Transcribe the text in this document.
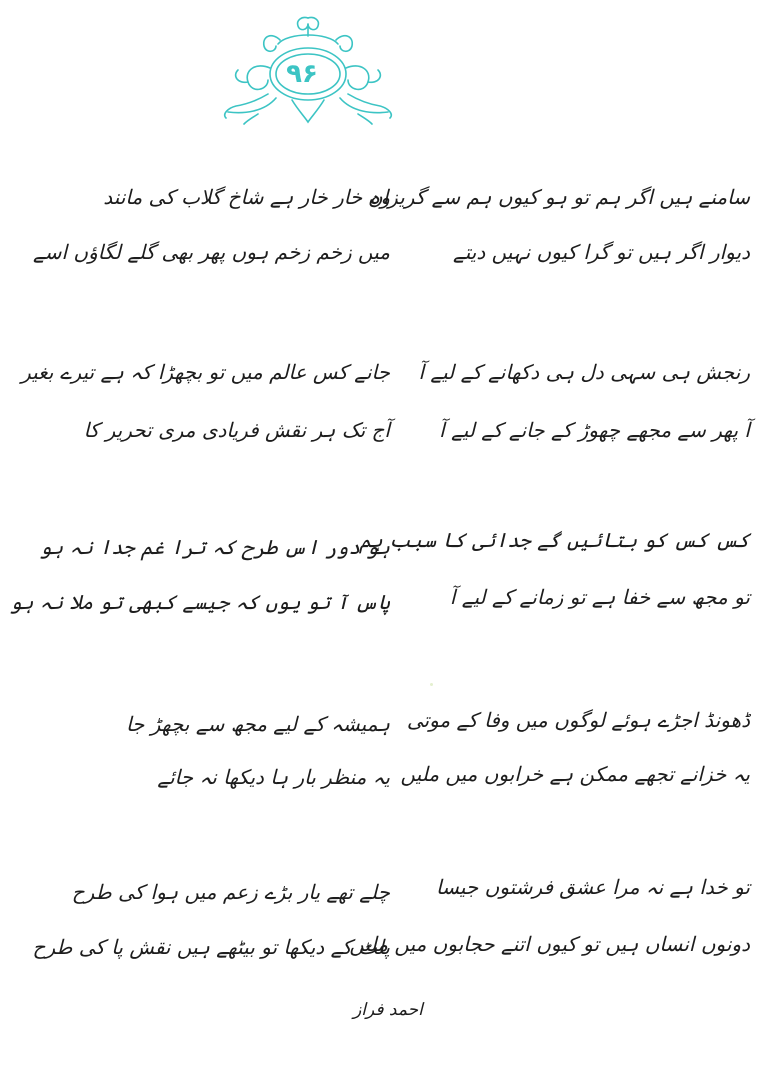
۹۶
سامنے ہیں اگر ہم تو ہو کیوں ہم سے گریزاں
دیوار اگر ہیں تو گرا کیوں نہیں دیتے
وہ خار خار ہے شاخ گلاب کی مانند
میں زخم زخم ہوں پھر بھی گلے لگاؤں اسے
رنجش ہی سہی دل ہی دکھانے کے لیے آ
آ پھر سے مجھے چھوڑ کے جانے کے لیے آ
جانے کس عالم میں تو بچھڑا کہ ہے تیرے بغیر
آج تک ہر نقش فریادی مری تحریر کا
کس کس کو بتائیں گے جدائی کا سبب ہم
تو مجھ سے خفا ہے تو زمانے کے لیے آ
ہو دور اس طرح کہ ترا غم جدا نہ ہو
پاس آ تو یوں کہ جیسے کبھی تو ملا نہ ہو
ڈھونڈ اجڑے ہوئے لوگوں میں وفا کے موتی
یہ خزانے تجھے ممکن ہے خرابوں میں ملیں
ہمیشہ کے لیے مجھ سے بچھڑ جا
یہ منظر بار ہا دیکھا نہ جائے
تو خدا ہے نہ مرا عشق فرشتوں جیسا
دونوں انساں ہیں تو کیوں اتنے حجابوں میں ملیں
چلے تھے یار بڑے زعم میں ہوا کی طرح
پلٹ کے دیکھا تو بیٹھے ہیں نقش پا کی طرح
احمد فراز
